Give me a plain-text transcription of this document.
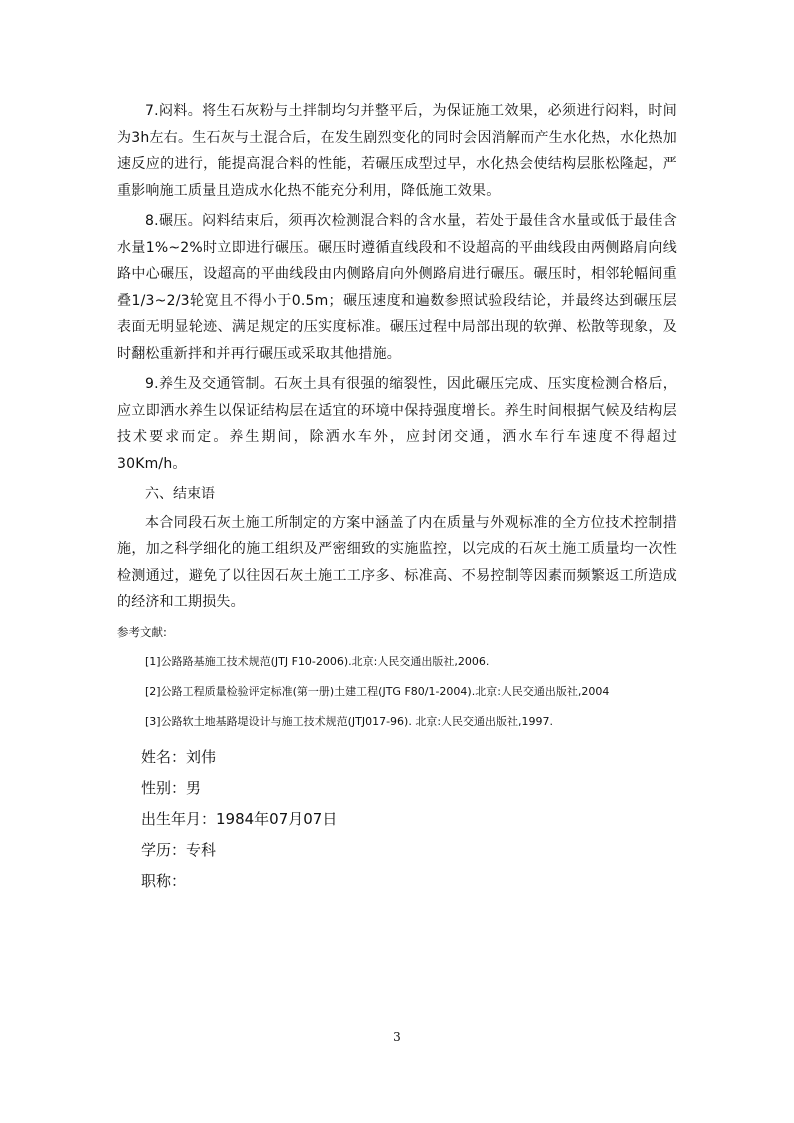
7.闷料。将生石灰粉与土拌制均匀并整平后，为保证施工效果，必须进行闷料，时间为3h左右。生石灰与土混合后，在发生剧烈变化的同时会因消解而产生水化热，水化热加速反应的进行，能提高混合料的性能，若碾压成型过早，水化热会使结构层胀松隆起，严重影响施工质量且造成水化热不能充分利用，降低施工效果。

8.碾压。闷料结束后，须再次检测混合料的含水量，若处于最佳含水量或低于最佳含水量1%~2%时立即进行碾压。碾压时遵循直线段和不设超高的平曲线段由两侧路肩向线路中心碾压，设超高的平曲线段由内侧路肩向外侧路肩进行碾压。碾压时，相邻轮幅间重叠1/3~2/3轮宽且不得小于0.5m；碾压速度和遍数参照试验段结论，并最终达到碾压层表面无明显轮迹、满足规定的压实度标准。碾压过程中局部出现的软弹、松散等现象，及时翻松重新拌和并再行碾压或采取其他措施。

9.养生及交通管制。石灰土具有很强的缩裂性，因此碾压完成、压实度检测合格后，应立即洒水养生以保证结构层在适宜的环境中保持强度增长。养生时间根据气候及结构层技术要求而定。养生期间，除洒水车外，应封闭交通，洒水车行车速度不得超过30Km/h。

六、结束语

本合同段石灰土施工所制定的方案中涵盖了内在质量与外观标准的全方位技术控制措施，加之科学细化的施工组织及严密细致的实施监控，以完成的石灰土施工质量均一次性检测通过，避免了以往因石灰土施工工序多、标准高、不易控制等因素而频繁返工所造成的经济和工期损失。

参考文献:

[1]公路路基施工技术规范(JTJ F10-2006).北京:人民交通出版社,2006.

[2]公路工程质量检验评定标准(第一册)土建工程(JTG F80/1-2004).北京:人民交通出版社,2004

[3]公路软土地基路堤设计与施工技术规范(JTJ017-96). 北京:人民交通出版社,1997.

姓名：刘伟

性别：男

出生年月：1984年07月07日

学历：专科

职称：

3
